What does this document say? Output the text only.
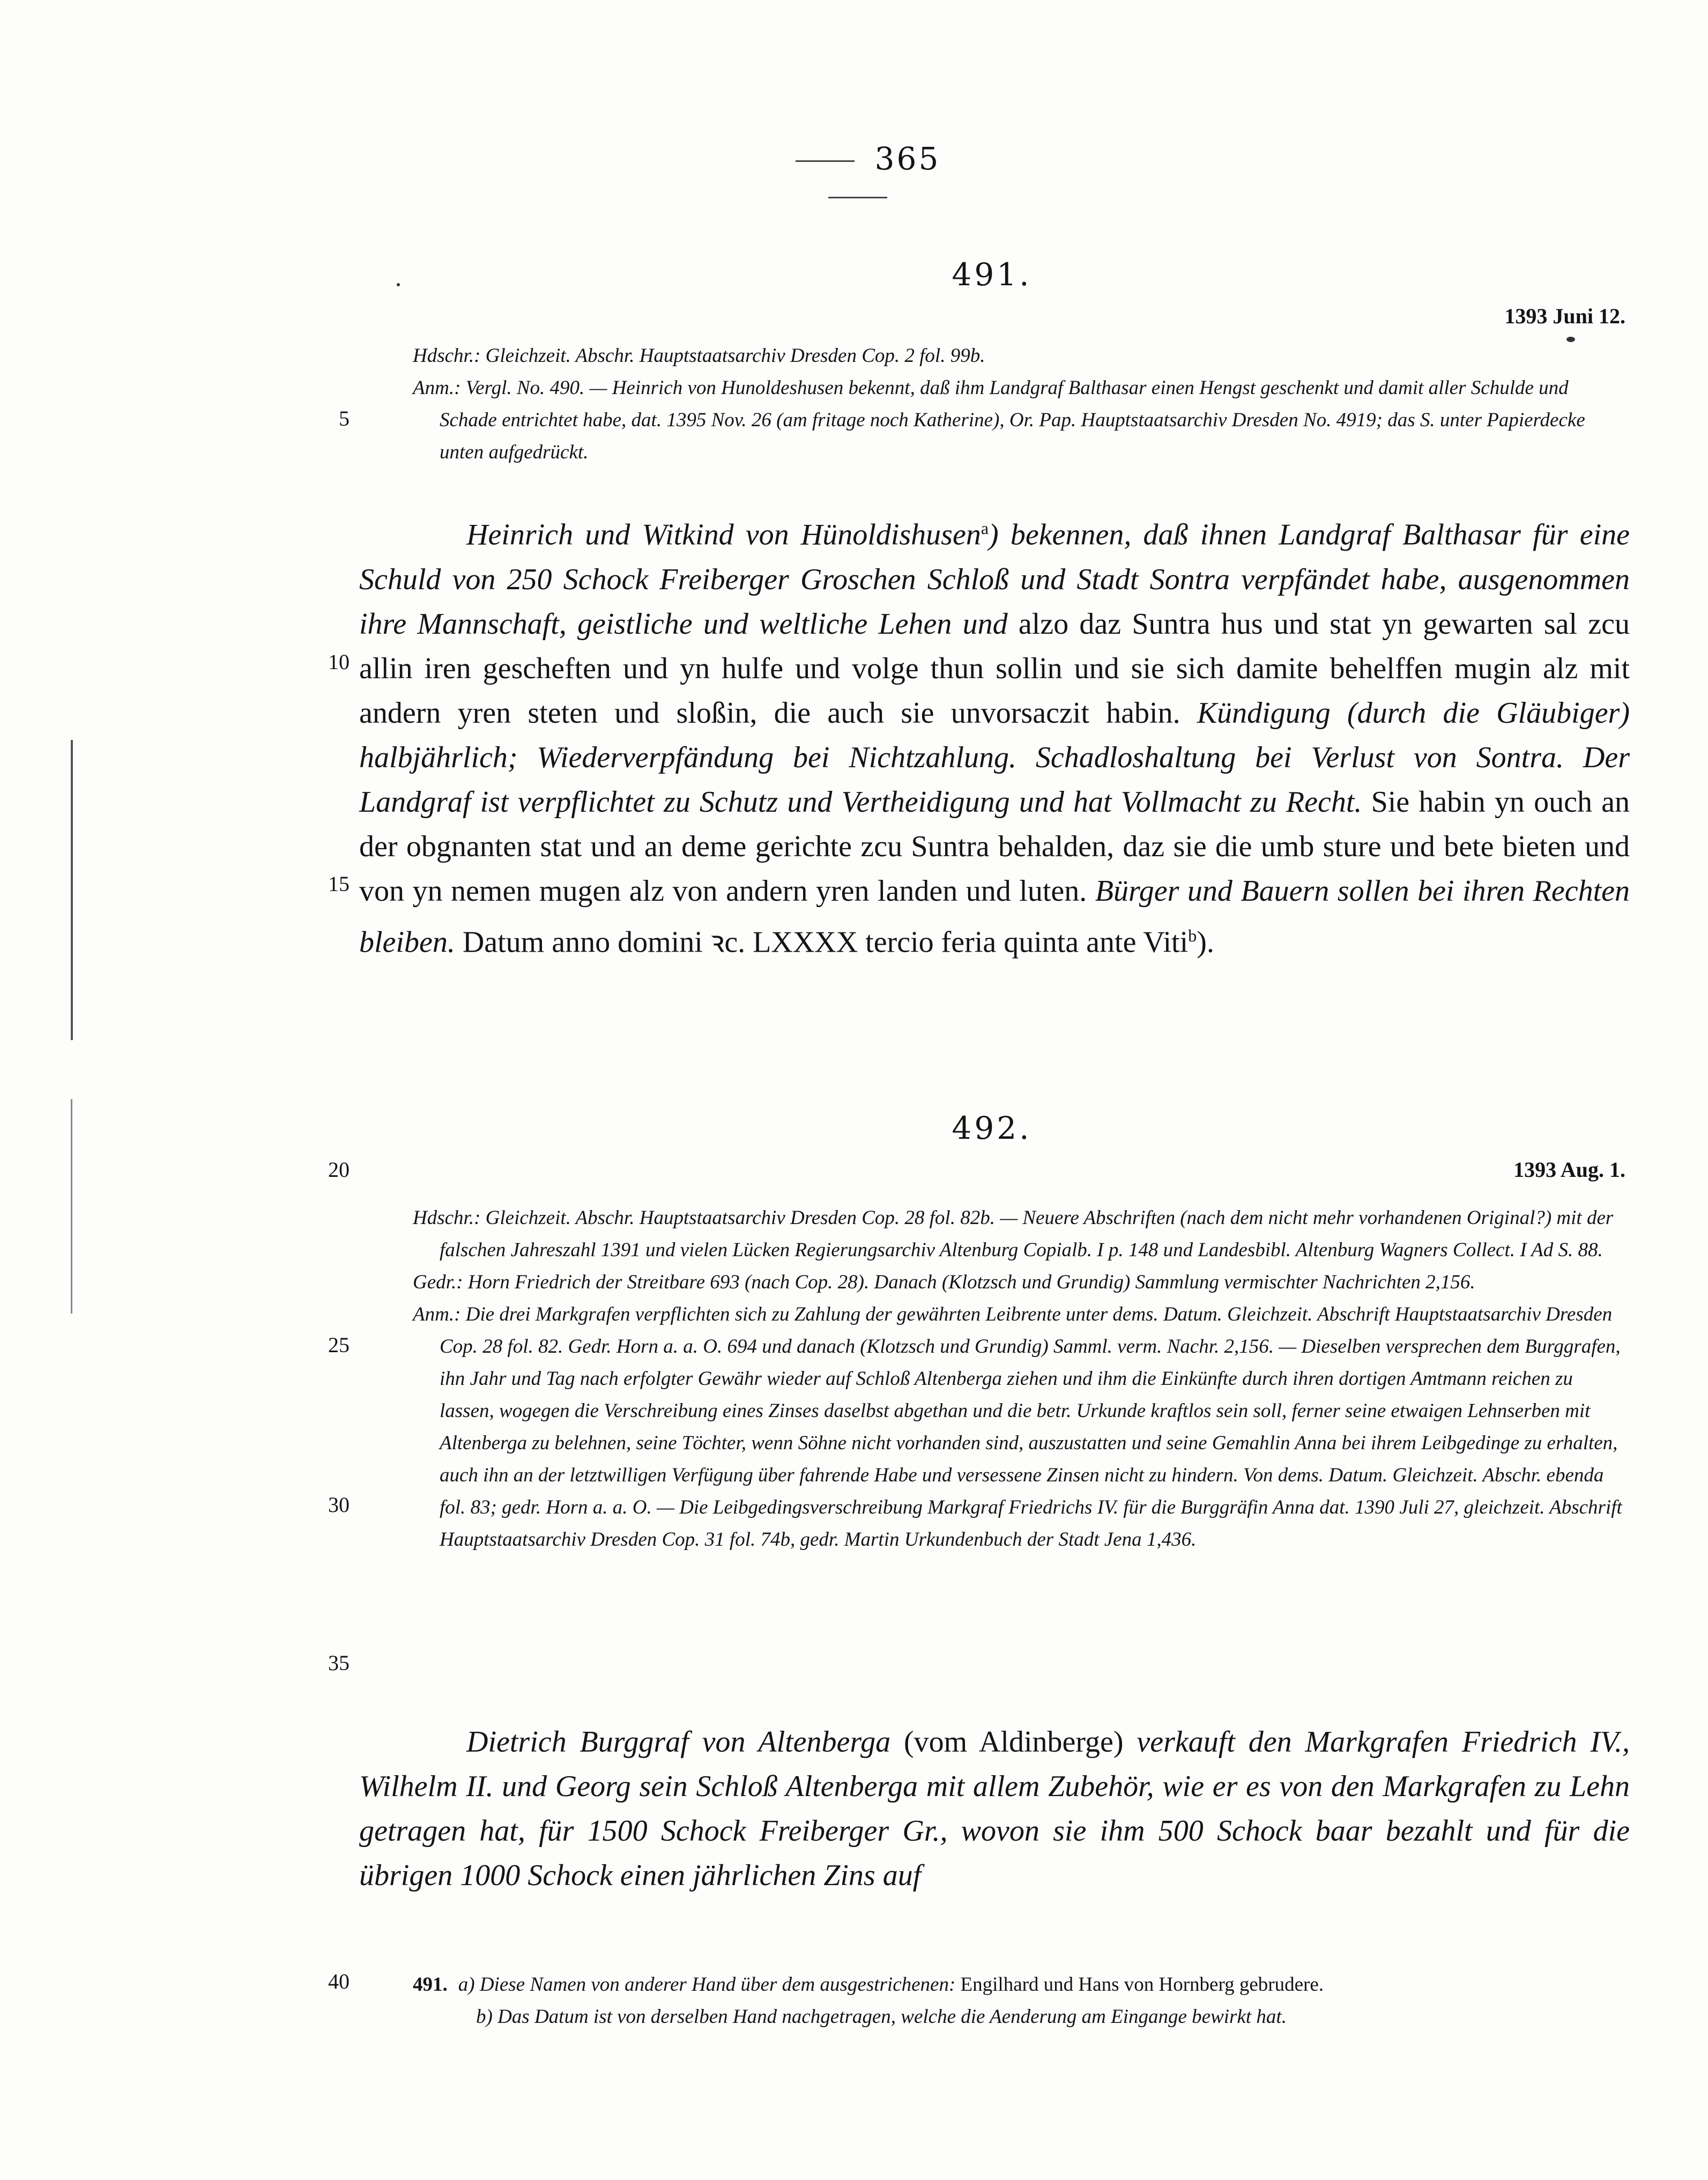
365
491.
1393 Juni 12.

Hdschr.: Gleichzeit. Abschr. Hauptstaatsarchiv Dresden Cop. 2 fol. 99b.

Anm.: Vergl. No. 490. — Heinrich von Hunoldeshusen bekennt, daß ihm Landgraf Balthasar einen Hengst geschenkt und damit aller Schulde und Schade entrichtet habe, dat. 1395 Nov. 26 (am fritage noch Katherine), Or. Pap. Hauptstaatsarchiv Dresden No. 4919; das S. unter Papierdecke unten aufgedrückt.

Heinrich und Witkind von Hünoldishusen$^a$) bekennen, daß ihnen Landgraf Balthasar für eine Schuld von 250 Schock Freiberger Groschen Schloß und Stadt Sontra verpfändet habe, ausgenommen ihre Mannschaft, geistliche und weltliche Lehen und alzo daz Suntra hus und stat yn gewarten sal zcu allin iren gescheften und yn hulfe und volge thun sollin und sie sich damite behelffen mugin alz mit andern yren steten und sloßin, die auch sie unvorsaczit habin. Kündigung (durch die Gläubiger) halbjährlich; Wiederverpfändung bei Nichtzahlung. Schadloshaltung bei Verlust von Sontra. Der Landgraf ist verpflichtet zu Schutz und Vertheidigung und hat Vollmacht zu Recht. Sie habin yn ouch an der obgnanten stat und an deme gerichte zcu Suntra behalden, daz sie die umb sture und bete bieten und von yn nemen mugen alz von andern yren landen und luten. Bürger und Bauern sollen bei ihren Rechten bleiben. Datum anno domini ꝛc. LXXXX tercio feria quinta ante Viti$^b$).

492.
1393 Aug. 1.

Hdschr.: Gleichzeit. Abschr. Hauptstaatsarchiv Dresden Cop. 28 fol. 82b. — Neuere Abschriften (nach dem nicht mehr vorhandenen Original?) mit der falschen Jahreszahl 1391 und vielen Lücken Regierungsarchiv Altenburg Copialb. I p. 148 und Landesbibl. Altenburg Wagners Collect. I Ad S. 88.

Gedr.: Horn Friedrich der Streitbare 693 (nach Cop. 28). Danach (Klotzsch und Grundig) Sammlung vermischter Nachrichten 2,156.

Anm.: Die drei Markgrafen verpflichten sich zu Zahlung der gewährten Leibrente unter dems. Datum. Gleichzeit. Abschrift Hauptstaatsarchiv Dresden Cop. 28 fol. 82. Gedr. Horn a. a. O. 694 und danach (Klotzsch und Grundig) Samml. verm. Nachr. 2,156. — Dieselben versprechen dem Burggrafen, ihn Jahr und Tag nach erfolgter Gewähr wieder auf Schloß Altenberga ziehen und ihm die Einkünfte durch ihren dortigen Amtmann reichen zu lassen, wogegen die Verschreibung eines Zinses daselbst abgethan und die betr. Urkunde kraftlos sein soll, ferner seine etwaigen Lehnserben mit Altenberga zu belehnen, seine Töchter, wenn Söhne nicht vorhanden sind, auszustatten und seine Gemahlin Anna bei ihrem Leibgedinge zu erhalten, auch ihn an der letztwilligen Verfügung über fahrende Habe und versessene Zinsen nicht zu hindern. Von dems. Datum. Gleichzeit. Abschr. ebenda fol. 83; gedr. Horn a. a. O. — Die Leibgedingsverschreibung Markgraf Friedrichs IV. für die Burggräfin Anna dat. 1390 Juli 27, gleichzeit. Abschrift Hauptstaatsarchiv Dresden Cop. 31 fol. 74b, gedr. Martin Urkundenbuch der Stadt Jena 1,436.

Dietrich Burggraf von Altenberga (vom Aldinberge) verkauft den Markgrafen Friedrich IV., Wilhelm II. und Georg sein Schloß Altenberga mit allem Zubehör, wie er es von den Markgrafen zu Lehn getragen hat, für 1500 Schock Freiberger Gr., wovon sie ihm 500 Schock baar bezahlt und für die übrigen 1000 Schock einen jährlichen Zins auf

491. a) Diese Namen von anderer Hand über dem ausgestrichenen: Engilhard und Hans von Hornberg gebrudere.

b) Das Datum ist von derselben Hand nachgetragen, welche die Aenderung am Eingange bewirkt hat.

5
10
15
20
25
30
35
40
